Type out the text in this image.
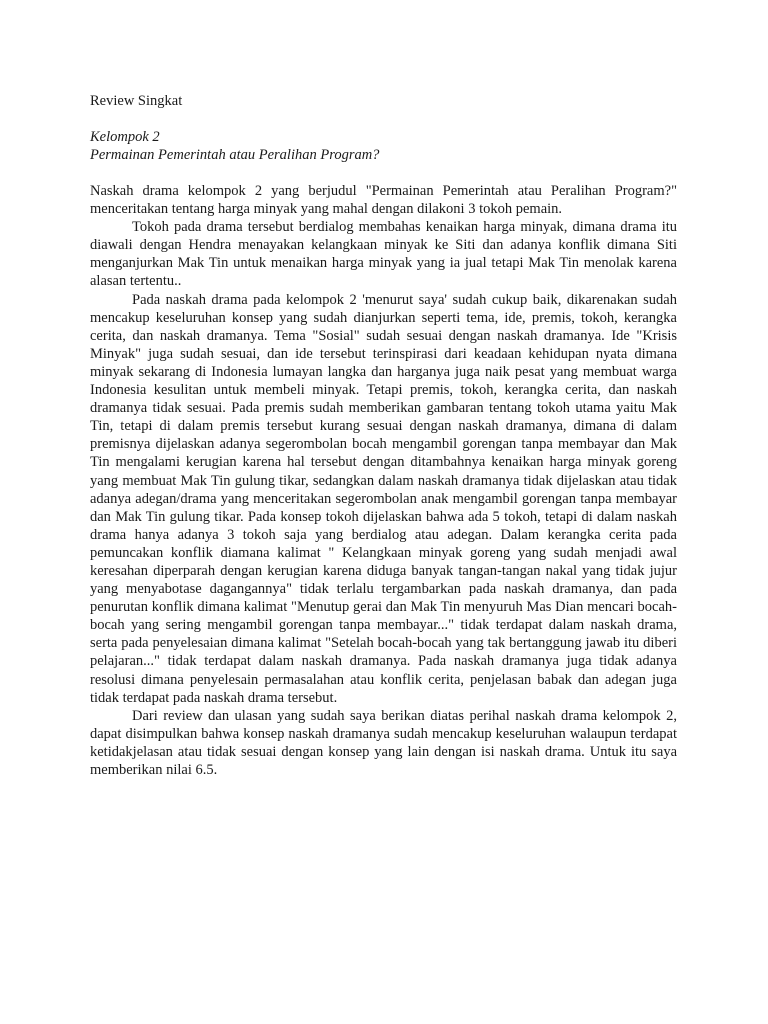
Review Singkat

Kelompok 2

Permainan Pemerintah atau Peralihan Program?

Naskah drama kelompok 2 yang berjudul "Permainan Pemerintah atau Peralihan Program?" menceritakan tentang harga minyak yang mahal dengan dilakoni 3 tokoh pemain.

Tokoh pada drama tersebut berdialog membahas kenaikan harga minyak, dimana drama itu diawali dengan Hendra menayakan kelangkaan minyak ke Siti dan adanya konflik dimana Siti menganjurkan Mak Tin untuk menaikan harga minyak yang ia jual tetapi Mak Tin menolak karena alasan tertentu..

Pada naskah drama pada kelompok 2 'menurut saya' sudah cukup baik, dikarenakan sudah mencakup keseluruhan konsep yang sudah dianjurkan seperti tema, ide, premis, tokoh, kerangka cerita, dan naskah dramanya. Tema "Sosial" sudah sesuai dengan naskah dramanya. Ide "Krisis Minyak" juga sudah sesuai, dan ide tersebut terinspirasi dari keadaan kehidupan nyata dimana minyak sekarang di Indonesia lumayan langka dan harganya juga naik pesat yang membuat warga Indonesia kesulitan untuk membeli minyak. Tetapi premis, tokoh, kerangka cerita, dan naskah dramanya tidak sesuai. Pada premis sudah memberikan gambaran tentang tokoh utama yaitu Mak Tin, tetapi di dalam premis tersebut kurang sesuai dengan naskah dramanya, dimana di dalam premisnya dijelaskan adanya segerombolan bocah mengambil gorengan tanpa membayar dan Mak Tin mengalami kerugian karena hal tersebut dengan ditambahnya kenaikan harga minyak goreng yang membuat Mak Tin gulung tikar, sedangkan dalam naskah dramanya tidak dijelaskan atau tidak adanya adegan/drama yang menceritakan segerombolan anak mengambil gorengan tanpa membayar dan Mak Tin gulung tikar. Pada konsep tokoh dijelaskan bahwa ada 5 tokoh, tetapi di dalam naskah drama hanya adanya 3 tokoh saja yang berdialog atau adegan. Dalam kerangka cerita pada pemuncakan konflik diamana kalimat " Kelangkaan minyak goreng yang sudah menjadi awal keresahan diperparah dengan kerugian karena diduga banyak tangan-tangan nakal yang tidak jujur yang menyabotase dagangannya" tidak terlalu tergambarkan pada naskah dramanya, dan pada penurutan konflik dimana kalimat "Menutup gerai dan Mak Tin menyuruh Mas Dian mencari bocah-bocah yang sering mengambil gorengan tanpa membayar..." tidak terdapat dalam naskah drama, serta pada penyelesaian dimana kalimat "Setelah bocah-bocah yang tak bertanggung jawab itu diberi pelajaran..." tidak terdapat dalam naskah dramanya. Pada naskah dramanya juga tidak adanya resolusi dimana penyelesain permasalahan atau konflik cerita, penjelasan babak dan adegan juga tidak terdapat pada naskah drama tersebut.

Dari review dan ulasan yang sudah saya berikan diatas perihal naskah drama kelompok 2, dapat disimpulkan bahwa konsep naskah dramanya sudah mencakup keseluruhan walaupun terdapat ketidakjelasan atau tidak sesuai dengan konsep yang lain dengan isi naskah drama. Untuk itu saya memberikan nilai 6.5.
